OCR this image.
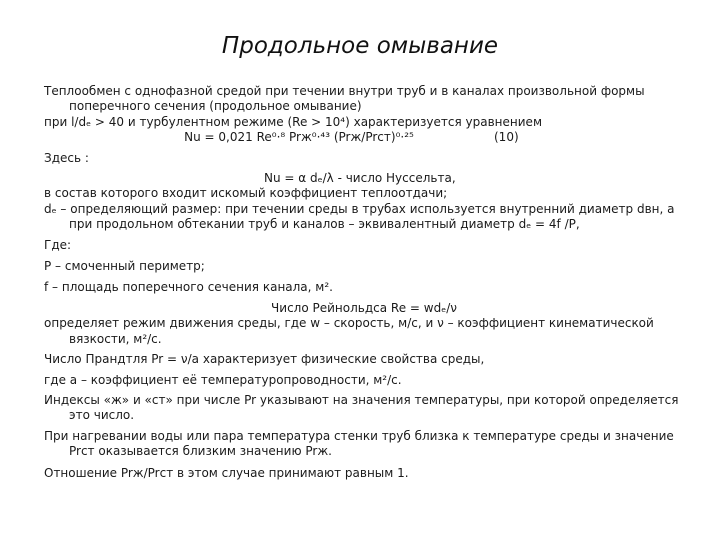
Продольное омывание

Теплообмен с однофазной средой при течении внутри труб и в каналах произвольной формы поперечного сечения (продольное омывание)

при l/dₑ > 40 и турбулентном режиме (Re > 10⁴) характеризуется уравнением

Nu = 0,021 Re⁰·⁸ Prж⁰·⁴³ (Prж/Prст)⁰·²⁵	(10)

Здесь :

Nu = α dₑ/λ - число Нуссельта,

в состав которого входит искомый коэффициент теплоотдачи;

dₑ – определяющий размер: при течении среды в трубах используется внутренний диаметр dвн, а при продольном обтекании труб и каналов – эквивалентный диаметр dₑ = 4f /P,

Где:

P – смоченный периметр;

f – площадь поперечного сечения канала, м².

Число Рейнольдса Re = wdₑ/ν

определяет режим движения среды, где w – скорость, м/с, и ν – коэффициент кинематической вязкости, м²/с.

Число Прандтля Pr = ν/a характеризует физические свойства среды,

где a – коэффициент её температуропроводности, м²/с.

Индексы «ж» и «ст» при числе Pr указывают на значения температуры, при которой определяется это число.

При нагревании воды или пара температура стенки труб близка к температуре среды и значение Prст оказывается близким значению Prж.

Отношение Prж/Prст в этом случае принимают равным 1.
